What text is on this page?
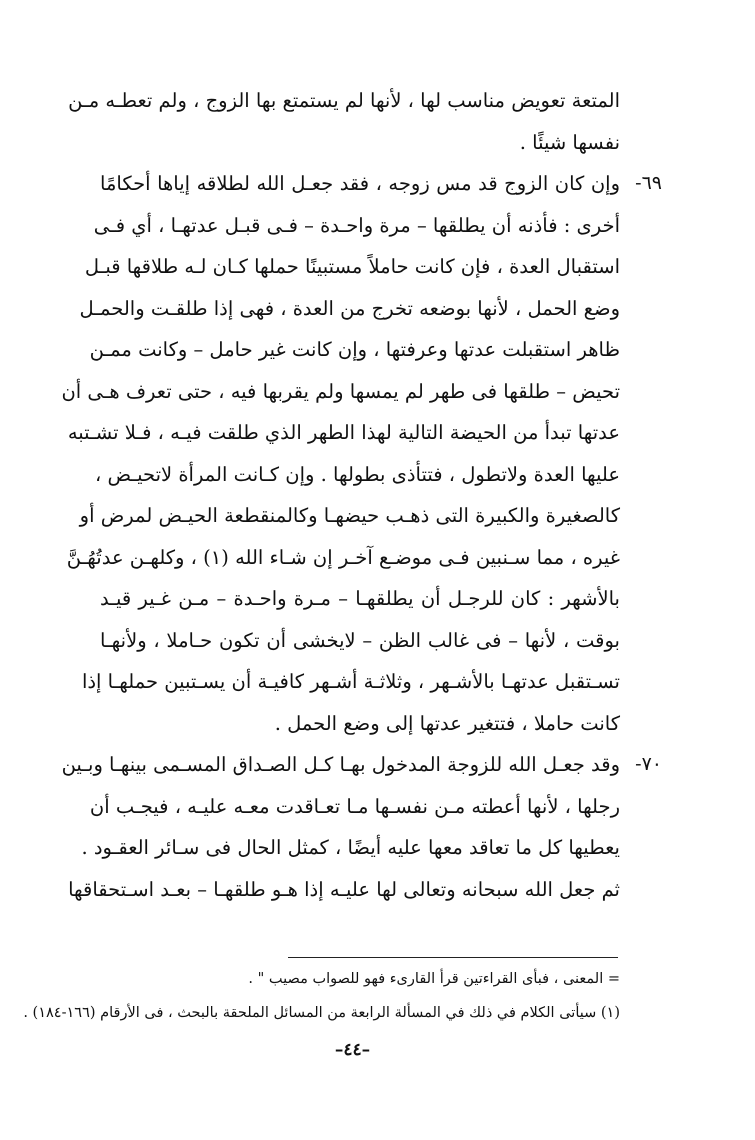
المتعة تعويض مناسب لها ، لأنها لم يستمتع بها الزوج ، ولم تعطـه مـن
نفسها شيئًا .
٦٩-
وإن كان الزوج قد مس زوجه ، فقد جعـل الله لطلاقه إياها أحكامًا
أخرى : فأذنه أن يطلقها – مرة واحـدة – فـى قبـل عدتهـا ، أي فـى
استقبال العدة ، فإن كانت حاملاً مستبينًا حملها كـان لـه طلاقها قبـل
وضع الحمل ، لأنها بوضعه تخرج من العدة ، فهى إذا طلقـت والحمـل
ظاهر استقبلت عدتها وعرفتها ، وإن كانت غير حامل – وكانت ممـن
تحيض – طلقها فى طهر لم يمسها ولم يقربها فيه ، حتى تعرف هـى أن
عدتها تبدأ من الحيضة التالية لهذا الطهر الذي طلقت فيـه ، فـلا تشـتبه
عليها العدة ولاتطول ، فتتأذى بطولها . وإن كـانت المرأة لاتحيـض ،
كالصغيرة والكبيرة التى ذهـب حيضهـا وكالمنقطعة الحيـض لمرض أو
غيره ، مما سـنبين فـى موضـع آخـر إن شـاء الله (١) ، وكلهـن عدتُهُـنَّ
بالأشهر : كان للرجـل أن يطلقهـا – مـرة واحـدة – مـن غـير قيـد
بوقت ، لأنها – فى غالب الظن – لايخشى أن تكون حـاملا ، ولأنهـا
تسـتقبل عدتهـا بالأشـهر ، وثلاثـة أشـهر كافيـة أن يسـتبين حملهـا إذا
كانت حاملا ، فتتغير عدتها إلى وضع الحمل .
٧٠-
وقد جعـل الله للزوجة المدخول بهـا كـل الصـداق المسـمى بينهـا وبـين
رجلها ، لأنها أعطته مـن نفسـها مـا تعـاقدت معـه عليـه ، فيجـب أن
يعطيها كل ما تعاقد معها عليه أيضًا ، كمثل الحال فى سـائر العقـود .
ثم جعل الله سبحانه وتعالى لها عليـه إذا هـو طلقهـا – بعـد اسـتحقاقها
= المعنى ، فبأى القراءتين قرأ القارىء فهو للصواب مصيب " .
(١) سيأتى الكلام في ذلك في المسألة الرابعة من المسائل الملحقة بالبحث ، فى الأرقام (١٦٦-١٨٤) .
–٤٤–
